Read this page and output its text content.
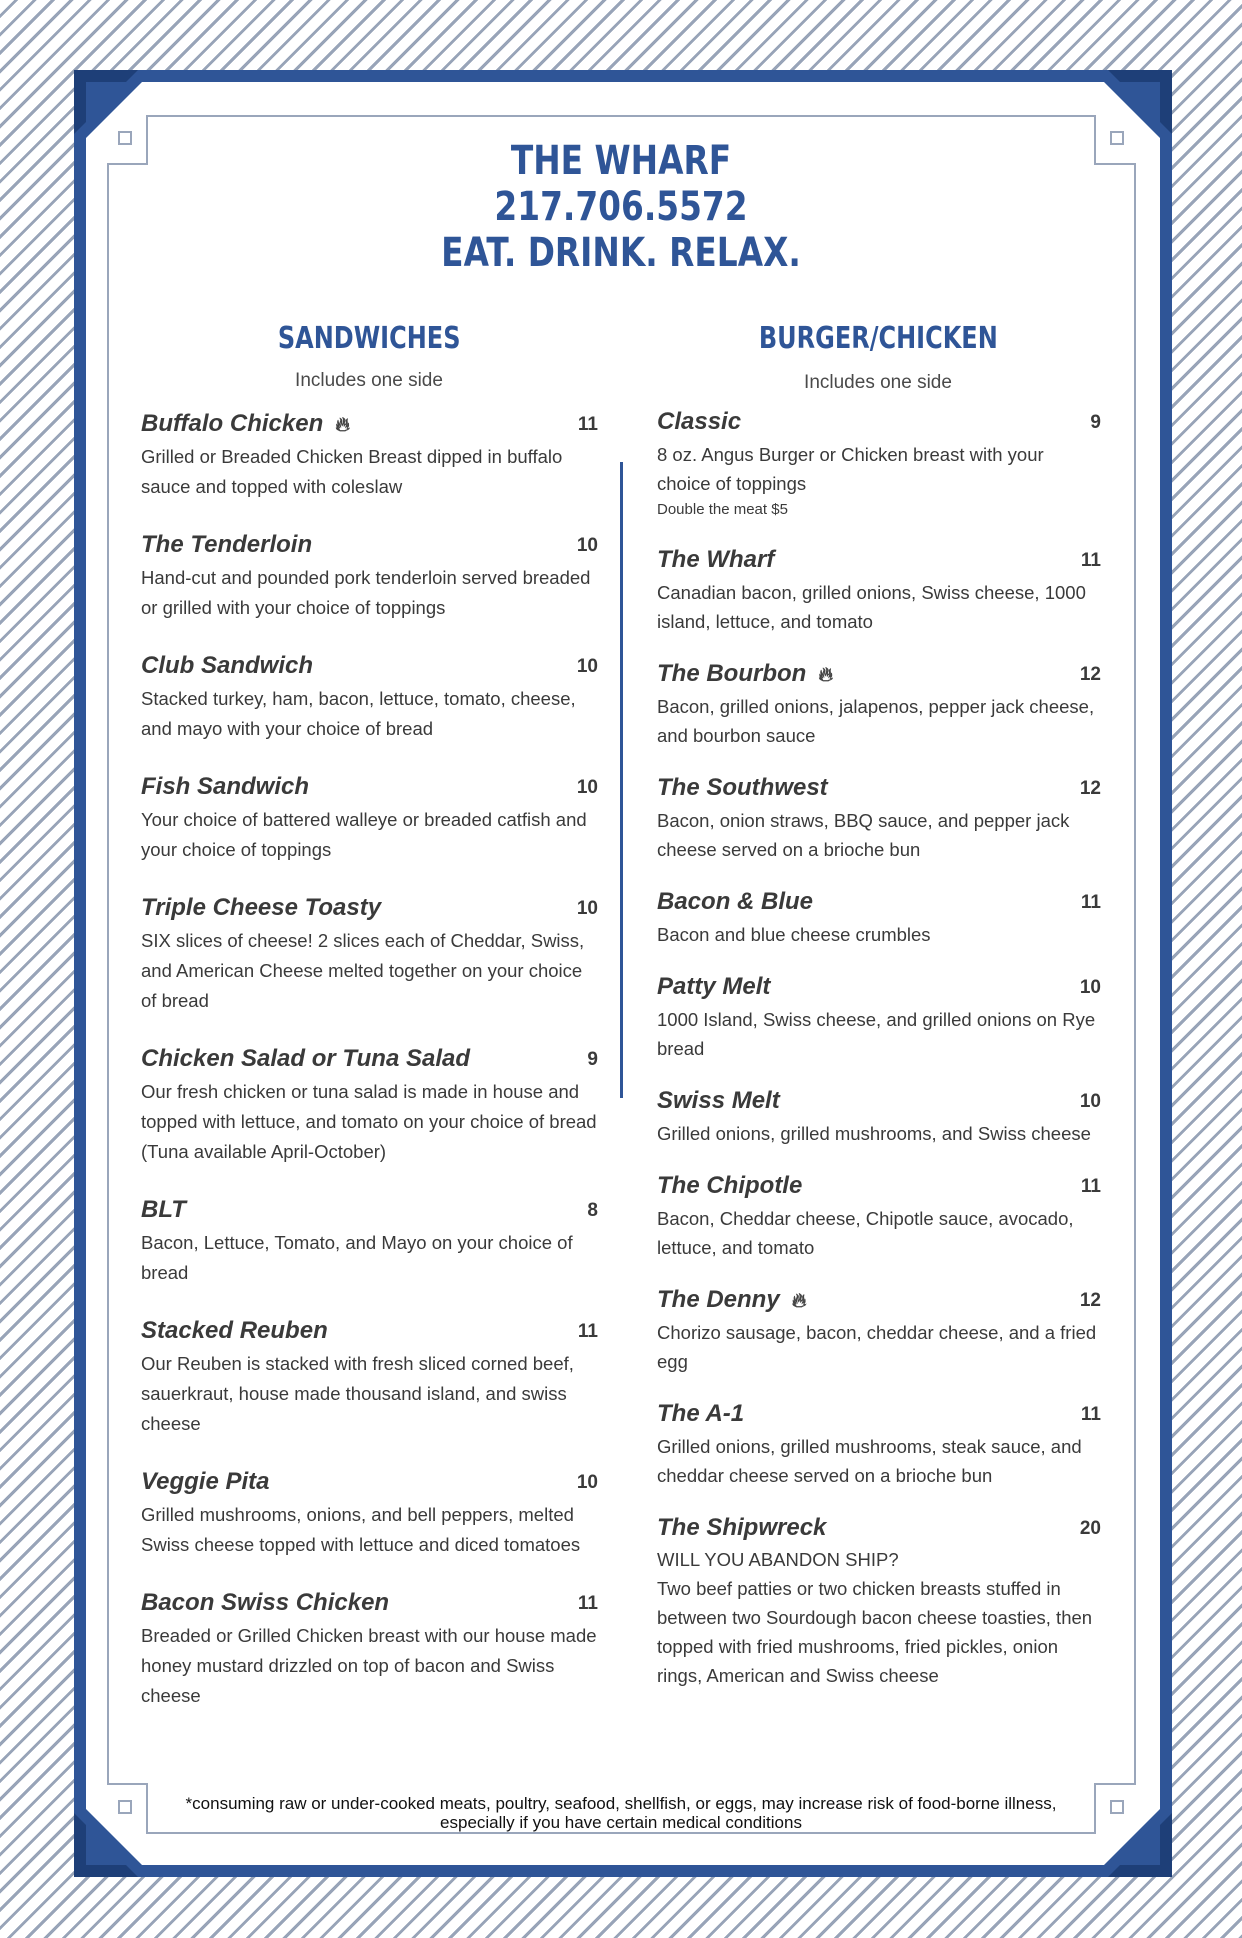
THE WHARF
217.706.5572
EAT. DRINK. RELAX.
SANDWICHES
Includes one side
BURGER/CHICKEN
Includes one side
Buffalo Chicken 🔥︎	11
Grilled or Breaded Chicken Breast dipped in buffalo sauce and topped with coleslaw
The Tenderloin	10
Hand-cut and pounded pork tenderloin served breaded or grilled with your choice of toppings
Club Sandwich	10
Stacked turkey, ham, bacon, lettuce, tomato, cheese, and mayo with your choice of bread
Fish Sandwich	10
Your choice of battered walleye or breaded catfish and your choice of toppings
Triple Cheese Toasty	10
SIX slices of cheese! 2 slices each of Cheddar, Swiss, and American Cheese melted together on your choice of bread
Chicken Salad or Tuna Salad	9
Our fresh chicken or tuna salad is made in house and topped with lettuce, and tomato on your choice of bread (Tuna available April-October)
BLT	8
Bacon, Lettuce, Tomato, and Mayo on your choice of bread
Stacked Reuben	11
Our Reuben is stacked with fresh sliced corned beef, sauerkraut, house made thousand island, and swiss cheese
Veggie Pita	10
Grilled mushrooms, onions, and bell peppers, melted Swiss cheese topped with lettuce and diced tomatoes
Bacon Swiss Chicken	11
Breaded or Grilled Chicken breast with our house made honey mustard drizzled on top of bacon and Swiss cheese
Classic	9
8 oz. Angus Burger or Chicken breast with your choice of toppings
Double the meat $5
The Wharf	11
Canadian bacon, grilled onions, Swiss cheese, 1000 island, lettuce, and tomato
The Bourbon 🔥︎	12
Bacon, grilled onions, jalapenos, pepper jack cheese, and bourbon sauce
The Southwest	12
Bacon, onion straws, BBQ sauce, and pepper jack cheese served on a brioche bun
Bacon & Blue	11
Bacon and blue cheese crumbles
Patty Melt	10
1000 Island, Swiss cheese, and grilled onions on Rye bread
Swiss Melt	10
Grilled onions, grilled mushrooms, and Swiss cheese
The Chipotle	11
Bacon, Cheddar cheese, Chipotle sauce, avocado, lettuce, and tomato
The Denny 🔥︎	12
Chorizo sausage, bacon, cheddar cheese, and a fried egg
The A-1	11
Grilled onions, grilled mushrooms, steak sauce, and cheddar cheese served on a brioche bun
The Shipwreck	20
WILL YOU ABANDON SHIP?
Two beef patties or two chicken breasts stuffed in between two Sourdough bacon cheese toasties, then topped with fried mushrooms, fried pickles, onion rings, American and Swiss cheese
*consuming raw or under-cooked meats, poultry, seafood, shellfish, or eggs, may increase risk of food-borne illness, especially if you have certain medical conditions
